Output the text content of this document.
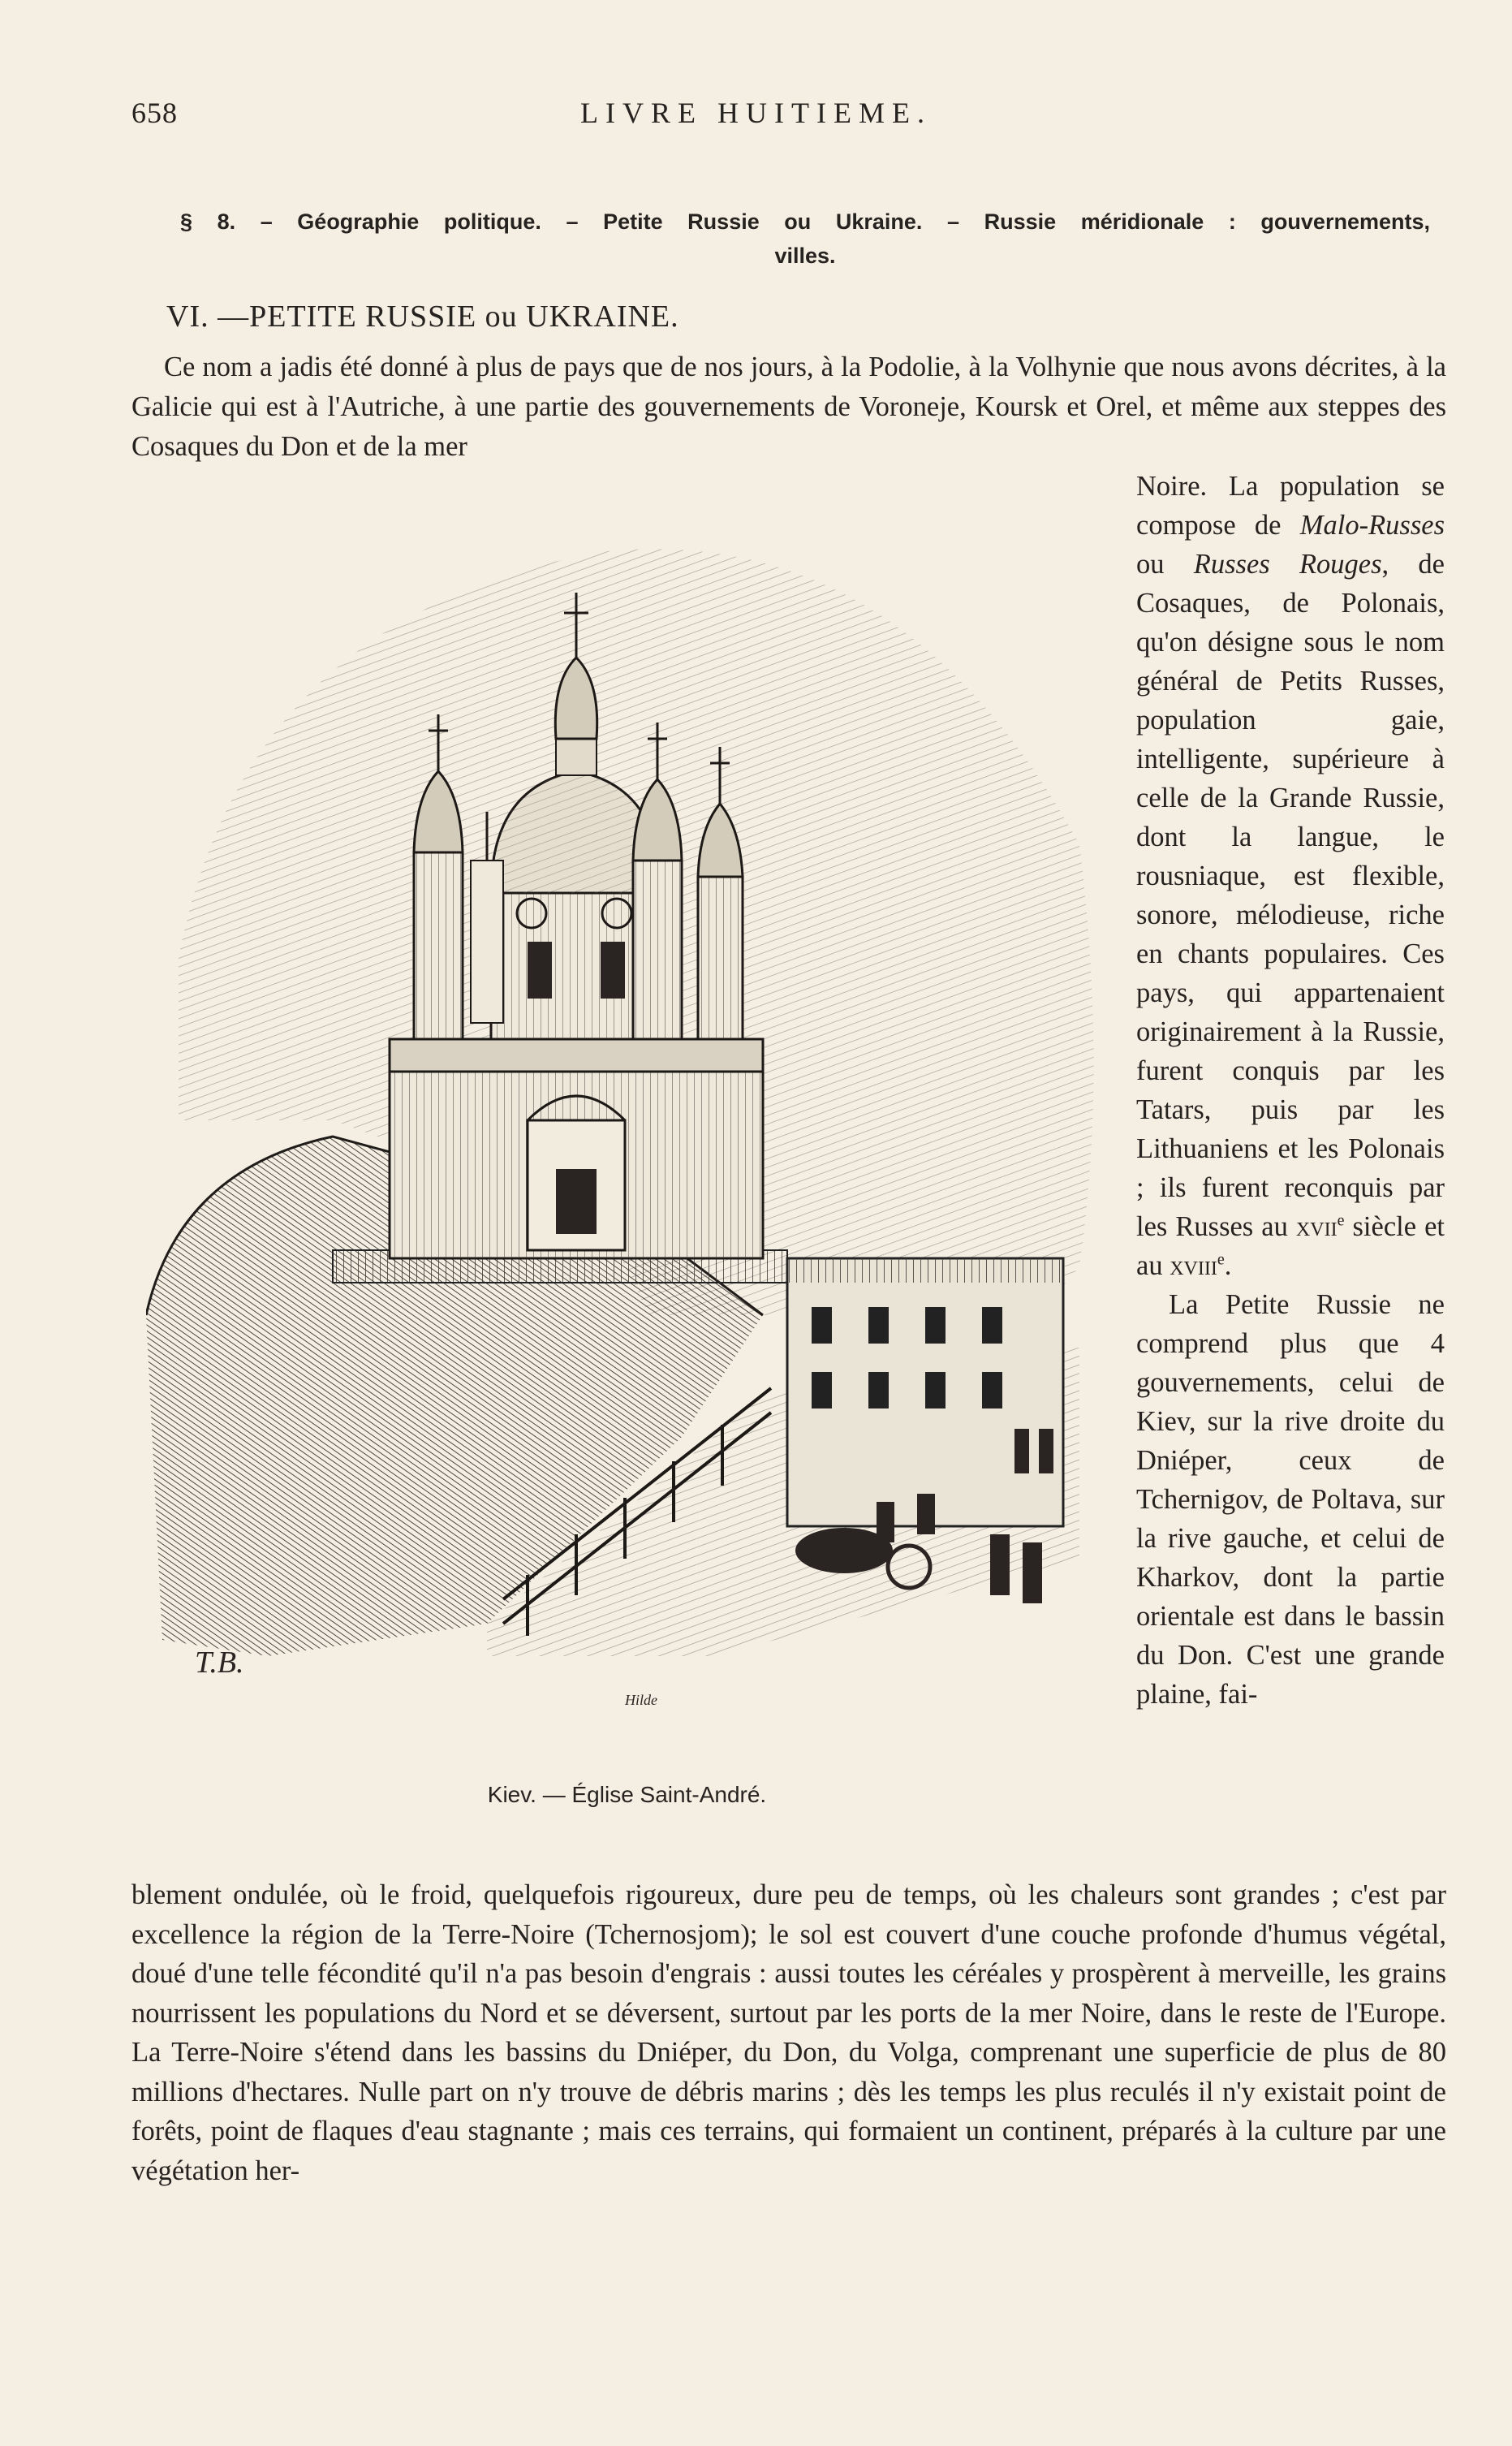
658	LIVRE HUITIEME.
§ 8. – Géographie politique. – Petite Russie ou Ukraine. – Russie méridionale : gouvernements,
villes.
VI. —PETITE RUSSIE ou UKRAINE.
Ce nom a jadis été donné à plus de pays que de nos jours, à la Podolie, à la Volhynie que nous avons décrites, à la Galicie qui est à l'Autriche, à une partie des gouvernements de Voroneje, Koursk et Orel, et même aux steppes des Cosaques du Don et de la mer
T.B.
Hilde
Kiev. — Église Saint-André.

Noire. La population se compose de Malo-Russes ou Russes Rouges, de Cosaques, de Polonais, qu'on désigne sous le nom général de Petits Russes, population gaie, intelligente, supérieure à celle de la Grande Russie, dont la langue, le rousniaque, est flexible, sonore, mélodieuse, riche en chants populaires. Ces pays, qui appartenaient originairement à la Russie, furent conquis par les Tatars, puis par les Lithuaniens et les Polonais ; ils furent reconquis par les Russes au xvii$^e$ siècle et au xviii$^e$.

La Petite Russie ne comprend plus que 4 gouvernements, celui de Kiev, sur la rive droite du Dniéper, ceux de Tchernigov, de Poltava, sur la rive gauche, et celui de Kharkov, dont la partie orientale est dans le bassin du Don. C'est une grande plaine, fai-

blement ondulée, où le froid, quelquefois rigoureux, dure peu de temps, où les chaleurs sont grandes ; c'est par excellence la région de la Terre-Noire (Tchernosjom); le sol est couvert d'une couche profonde d'humus végétal, doué d'une telle fécondité qu'il n'a pas besoin d'engrais : aussi toutes les céréales y prospèrent à merveille, les grains nourrissent les populations du Nord et se déversent, surtout par les ports de la mer Noire, dans le reste de l'Europe. La Terre-Noire s'étend dans les bassins du Dniéper, du Don, du Volga, comprenant une superficie de plus de 80 millions d'hectares. Nulle part on n'y trouve de débris marins ; dès les temps les plus reculés il n'y existait point de forêts, point de flaques d'eau stagnante ; mais ces terrains, qui formaient un continent, préparés à la culture par une végétation her-
